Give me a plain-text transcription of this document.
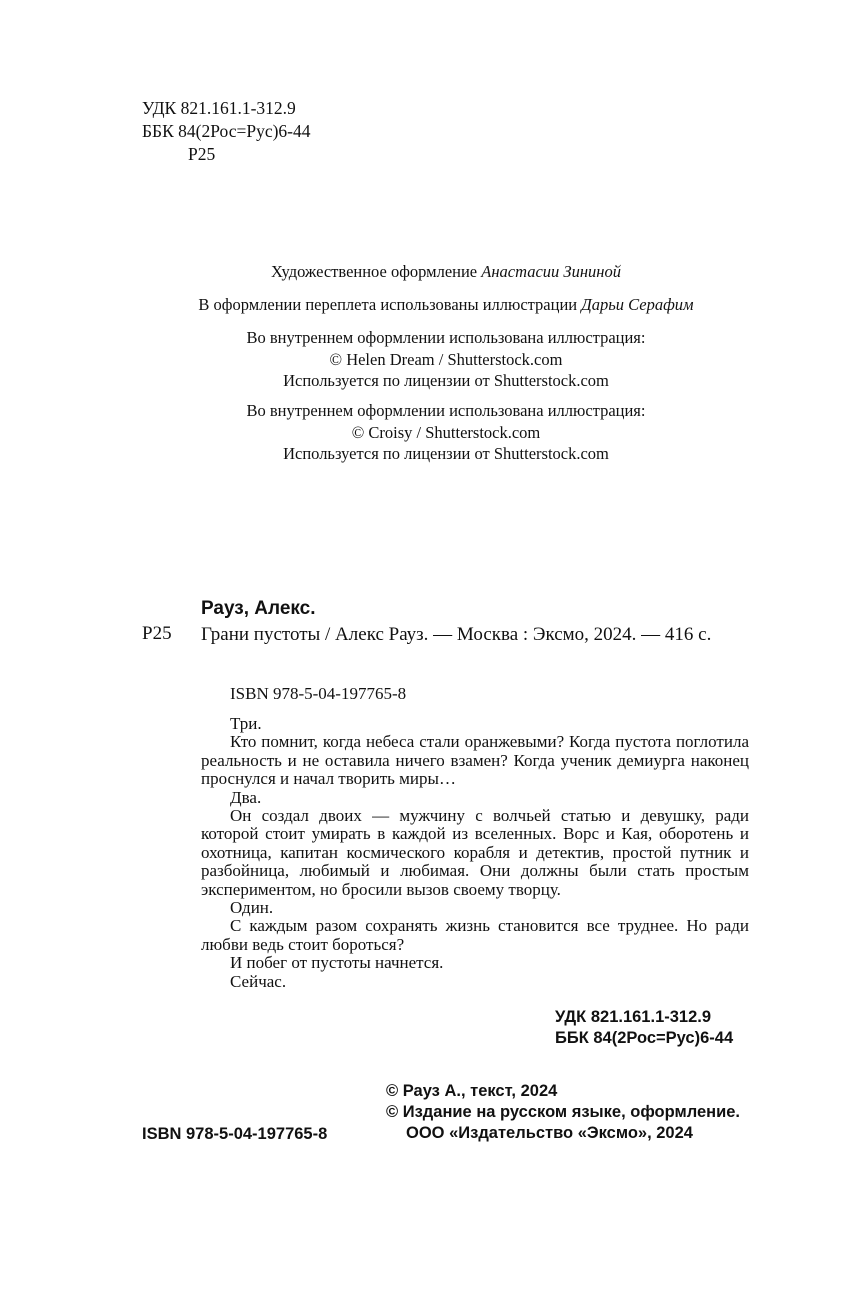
УДК 821.161.1-312.9
ББК 84(2Рос=Рус)6-44
Р25
Художественное оформление Анастасии Зининой
В оформлении переплета использованы иллюстрации Дарьи Серафим
Во внутреннем оформлении использована иллюстрация:
© Helen Dream / Shutterstock.com
Используется по лицензии от Shutterstock.com
Во внутреннем оформлении использована иллюстрация:
© Croisy / Shutterstock.com
Используется по лицензии от Shutterstock.com
Рауз, Алекс.
Р25 Грани пустоты / Алекс Рауз. — Москва : Эксмо, 2024. — 416 с.
ISBN 978-5-04-197765-8

Три.

Кто помнит, когда небеса стали оранжевыми? Когда пустота поглотила реальность и не оставила ничего взамен? Когда ученик демиурга наконец проснулся и начал творить миры…

Два.

Он создал двоих — мужчину с волчьей статью и девушку, ради которой стоит умирать в каждой из вселенных. Ворс и Кая, оборотень и охотница, капитан космического корабля и детектив, простой путник и разбойница, любимый и любимая. Они должны были стать простым экспериментом, но бросили вызов своему творцу.

Один.

С каждым разом сохранять жизнь становится все труднее. Но ради любви ведь стоит бороться?

И побег от пустоты начнется.

Сейчас.

УДК 821.161.1-312.9
ББК 84(2Рос=Рус)6-44
© Рауз А., текст, 2024
© Издание на русском языке, оформление.
ООО «Издательство «Эксмо», 2024
ISBN 978-5-04-197765-8
